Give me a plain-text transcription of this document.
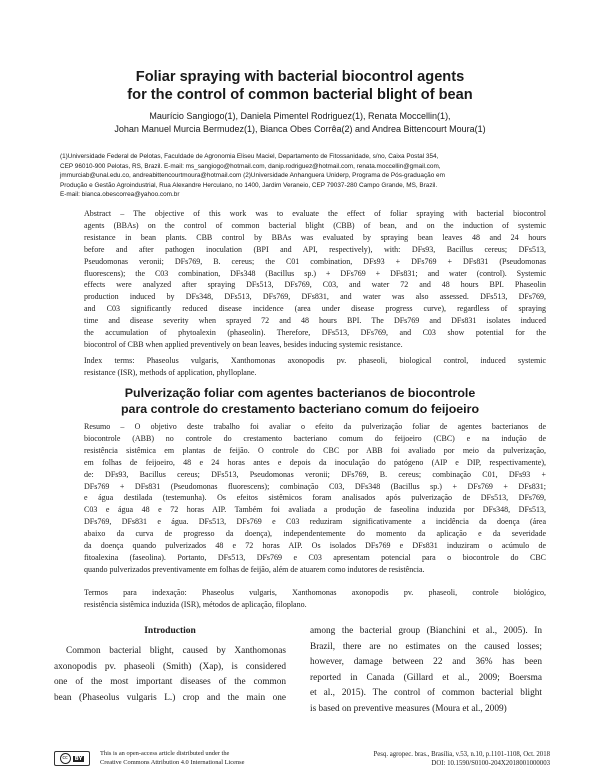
Foliar spraying with bacterial biocontrol agents
for the control of common bacterial blight of bean
Maurício Sangiogo(1), Daniela Pimentel Rodriguez(1), Renata Moccellin(1),
Johan Manuel Murcia Bermudez(1), Bianca Obes Corrêa(2) and Andrea Bittencourt Moura(1)
(1)Universidade Federal de Pelotas, Faculdade de Agronomia Eliseu Maciel, Departamento de Fitossanidade, s/no, Caixa Postal 354,
CEP 96010-900 Pelotas, RS, Brazil. E-mail: ms_sangiogo@hotmail.com, danip.rodriguez@hotmail.com, renata.moccellin@gmail.com,
jmmurciab@unal.edu.co, andreabittencourtmoura@hotmail.com (2)Universidade Anhanguera Uniderp, Programa de Pós-graduação em
Produção e Gestão Agroindustrial, Rua Alexandre Herculano, no 1400, Jardim Veraneio, CEP 79037-280 Campo Grande, MS, Brazil.
E-mail: bianca.obescorrea@yahoo.com.br
Abstract – The objective of this work was to evaluate the effect of foliar spraying with bacterial biocontrol
agents (BBAs) on the control of common bacterial blight (CBB) of bean, and on the induction of systemic
resistance in bean plants. CBB control by BBAs was evaluated by spraying bean leaves 48 and 24 hours
before and after pathogen inoculation (BPI and API, respectively), with: DFs93, Bacillus cereus; DFs513,
Pseudomonas veronii; DFs769, B. cereus; the C01 combination, DFs93 + DFs769 + DFs831 (Pseudomonas
fluorescens); the C03 combination, DFs348 (Bacillus sp.) + DFs769 + DFs831; and water (control). Systemic
effects were analyzed after spraying DFs513, DFs769, C03, and water 72 and 48 hours BPI. Phaseolin
production induced by DFs348, DFs513, DFs769, DFs831, and water was also assessed. DFs513, DFs769,
and C03 significantly reduced disease incidence (area under disease progress curve), regardless of spraying
time and disease severity when sprayed 72 and 48 hours BPI. The DFs769 and DFs831 isolates induced
the accumulation of phytoalexin (phaseolin). Therefore, DFs513, DFs769, and C03 show potential for the
biocontrol of CBB when applied preventively on bean leaves, besides inducing systemic resistance.
Index terms: Phaseolus vulgaris, Xanthomonas axonopodis pv. phaseoli, biological control, induced systemic
resistance (ISR), methods of application, phylloplane.
Pulverização foliar com agentes bacterianos de biocontrole
para controle do crestamento bacteriano comum do feijoeiro
Resumo – O objetivo deste trabalho foi avaliar o efeito da pulverização foliar de agentes bacterianos de
biocontrole (ABB) no controle do crestamento bacteriano comum do feijoeiro (CBC) e na indução de
resistência sistêmica em plantas de feijão. O controle do CBC por ABB foi avaliado por meio da pulverização,
em folhas de feijoeiro, 48 e 24 horas antes e depois da inoculação do patógeno (AIP e DIP, respectivamente),
de: DFs93, Bacillus cereus; DFs513, Pseudomonas veronii; DFs769, B. cereus; combinação C01, DFs93 +
DFs769 + DFs831 (Pseudomonas fluorescens); combinação C03, DFs348 (Bacillus sp.) + DFs769 + DFs831;
e água destilada (testemunha). Os efeitos sistêmicos foram analisados após pulverização de DFs513, DFs769,
C03 e água 48 e 72 horas AIP. Também foi avaliada a produção de faseolina induzida por DFs348, DFs513,
DFs769, DFs831 e água. DFs513, DFs769 e C03 reduziram significativamente a incidência da doença (área
abaixo da curva de progresso da doença), independentemente do momento da aplicação e da severidade
da doença quando pulverizados 48 e 72 horas AIP. Os isolados DFs769 e DFs831 induziram o acúmulo de
fitoalexina (faseolina). Portanto, DFs513, DFs769 e C03 apresentam potencial para o biocontrole do CBC
quando pulverizados preventivamente em folhas de feijão, além de atuarem como indutores de resistência.
Termos para indexação: Phaseolus vulgaris, Xanthomonas axonopodis pv. phaseoli, controle biológico,
resistência sistêmica induzida (ISR), métodos de aplicação, filoplano.
Introduction
Common bacterial blight, caused by Xanthomonas
axonopodis pv. phaseoli (Smith) (Xap), is considered
one of the most important diseases of the common
bean (Phaseolus vulgaris L.) crop and the main one
among the bacterial group (Bianchini et al., 2005). In
Brazil, there are no estimates on the caused losses;
however, damage between 22 and 36% has been
reported in Canada (Gillard et al., 2009; Boersma
et al., 2015). The control of common bacterial blight
is based on preventive measures (Moura et al., 2009)
cc	BY
This is an open-access article distributed under the
Creative Commons Attribution 4.0 International License
Pesq. agropec. bras., Brasília, v.53, n.10, p.1101-1108, Oct. 2018
DOI: 10.1590/S0100-204X2018001000003
